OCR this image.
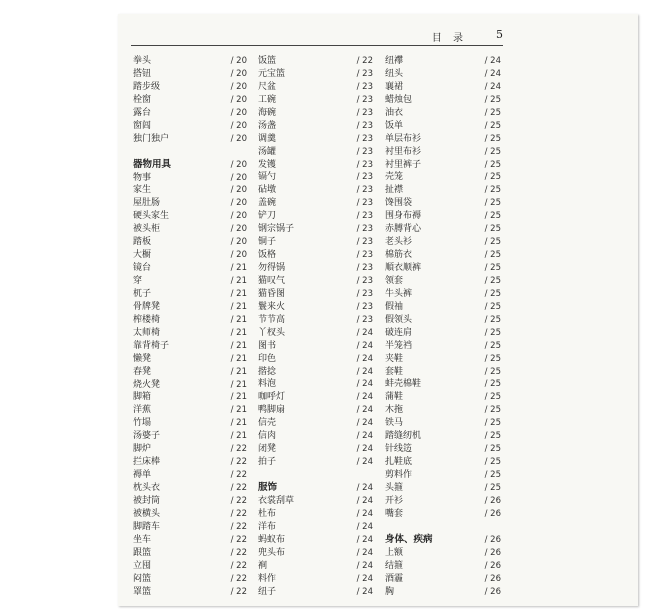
目 录	5
拳头	/ 20
搭钮	/ 20
踏步级	/ 20
栓窗	/ 20
露台	/ 20
窗闾	/ 20
独门独户	/ 20
器物用具	/ 20
物事	/ 20
家生	/ 20
屋肚肠	/ 20
硬头家生	/ 20
被头柜	/ 20
踏板	/ 20
大橱	/ 20
镜台	/ 21
穿	/ 21
杌子	/ 21
骨牌凳	/ 21
榨楼椅	/ 21
太师椅	/ 21
靠背椅子	/ 21
懒凳	/ 21
春凳	/ 21
烧火凳	/ 21
脚箱	/ 21
洋蕉	/ 21
竹塌	/ 21
汤婆子	/ 21
脚炉	/ 22
拦床棒	/ 22
褥单	/ 22
枕头衣	/ 22
被封筒	/ 22
被横头	/ 22
脚踏车	/ 22
坐车	/ 22
跟篮	/ 22
立囤	/ 22
闷篮	/ 22
罩篮	/ 22
饭篮	/ 22
元宝篮	/ 23
尺盆	/ 23
工碗	/ 23
海碗	/ 23
汤盏	/ 23
调羹	/ 23
汤罐	/ 23
发镬	/ 23
镉勺	/ 23
砧墩	/ 23
盖碗	/ 23
铲刀	/ 23
钢宗锅子	/ 23
铜子	/ 23
饭格	/ 23
勿得锅	/ 23
猫叹气	/ 23
猫昏图	/ 23
鬟来火	/ 23
节节高	/ 23
丫杈头	/ 24
图书	/ 24
印色	/ 24
揩捻	/ 24
料泡	/ 24
咖呼灯	/ 24
鸭脚扇	/ 24
信壳	/ 24
信肉	/ 24
闭凳	/ 24
拍子	/ 24
服饰	/ 24
衣裳刮草	/ 24
杜布	/ 24
洋布	/ 24
蚂蚁布	/ 24
兜头布	/ 24
裥	/ 24
料作	/ 24
纽子	/ 24
纽襻	/ 24
纽头	/ 24
襄裙	/ 24
蜡烛包	/ 25
油衣	/ 25
饭单	/ 25
单层布衫	/ 25
衬里布衫	/ 25
衬里裤子	/ 25
壳笼	/ 25
扯襟	/ 25
馋围袋	/ 25
围身布褥	/ 25
赤膊背心	/ 25
老头衫	/ 25
棉筋衣	/ 25
順衣顺裤	/ 25
领套	/ 25
牛头裤	/ 25
假袖	/ 25
假领头	/ 25
破连肩	/ 25
半笼裆	/ 25
夹鞋	/ 25
套鞋	/ 25
蚌壳棉鞋	/ 25
蒲鞋	/ 25
木拖	/ 25
铁马	/ 25
踏缝纫机	/ 25
针线笾	/ 25
扎鞋底	/ 25
剪料作	/ 25
头箍	/ 25
开衫	/ 26
嘴套	/ 26
身体、疾病	/ 26
上额	/ 26
结箍	/ 26
酒霾	/ 26
胸	/ 26
